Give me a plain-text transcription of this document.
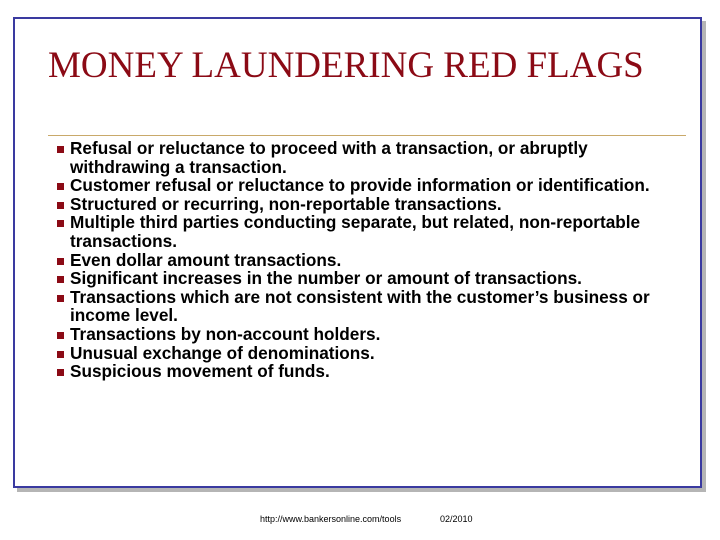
MONEY LAUNDERING RED FLAGS
Refusal or reluctance to proceed with a transaction, or abruptly withdrawing a transaction.
Customer refusal or reluctance to provide information or identification.
Structured or recurring, non-reportable transactions.
Multiple third parties conducting separate, but related, non-reportable transactions.
Even dollar amount transactions.
Significant increases in the number or amount of transactions.
Transactions which are not consistent with the customer’s business or income level.
Transactions by non-account holders.
Unusual exchange of denominations.
Suspicious movement of funds.
http://www.bankersonline.com/tools	02/2010
